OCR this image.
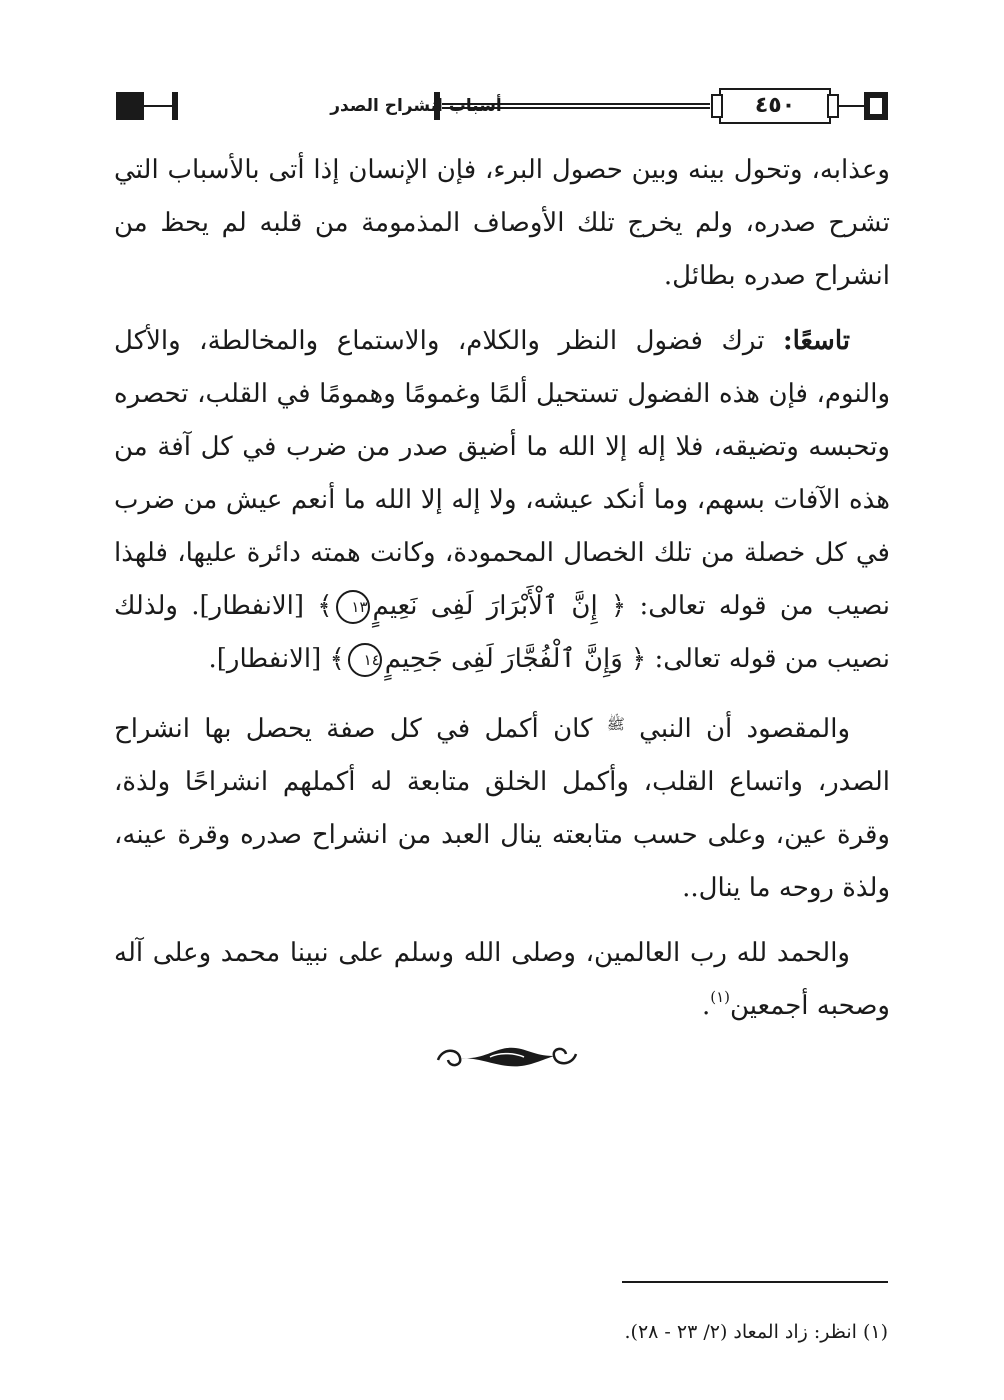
٤٥٠
أسباب انشراح الصدر

وعذابه، وتحول بينه وبين حصول البرء، فإن الإنسان إذا أتى بالأسباب التي تشرح صدره، ولم يخرج تلك الأوصاف المذمومة من قلبه لم يحظ من انشراح صدره بطائل.

تاسعًا: ترك فضول النظر والكلام، والاستماع والمخالطة، والأكل والنوم، فإن هذه الفضول تستحيل ألمًا وغمومًا وهمومًا في القلب، تحصره وتحبسه وتضيقه، فلا إله إلا الله ما أضيق صدر من ضرب في كل آفة من هذه الآفات بسهم، وما أنكد عيشه، ولا إله إلا الله ما أنعم عيش من ضرب في كل خصلة من تلك الخصال المحمودة، وكانت همته دائرة عليها، فلهذا نصيب من قوله تعالى: ﴿ إِنَّ ٱلْأَبْرَارَ لَفِى نَعِيمٍ١٣﴾ [الانفطار]. ولذلك نصيب من قوله تعالى: ﴿ وَإِنَّ ٱلْفُجَّارَ لَفِى جَحِيمٍ١٤﴾ [الانفطار].

والمقصود أن النبي $^ﷺ$ كان أكمل في كل صفة يحصل بها انشراح الصدر، واتساع القلب، وأكمل الخلق متابعة له أكملهم انشراحًا ولذة، وقرة عين، وعلى حسب متابعته ينال العبد من انشراح صدره وقرة عينه، ولذة روحه ما ينال..

والحمد لله رب العالمين، وصلى الله وسلم على نبينا محمد وعلى آله وصحبه أجمعين$^{(١)}$.

(١) انظر: زاد المعاد (٢/ ٢٣ - ٢٨).
